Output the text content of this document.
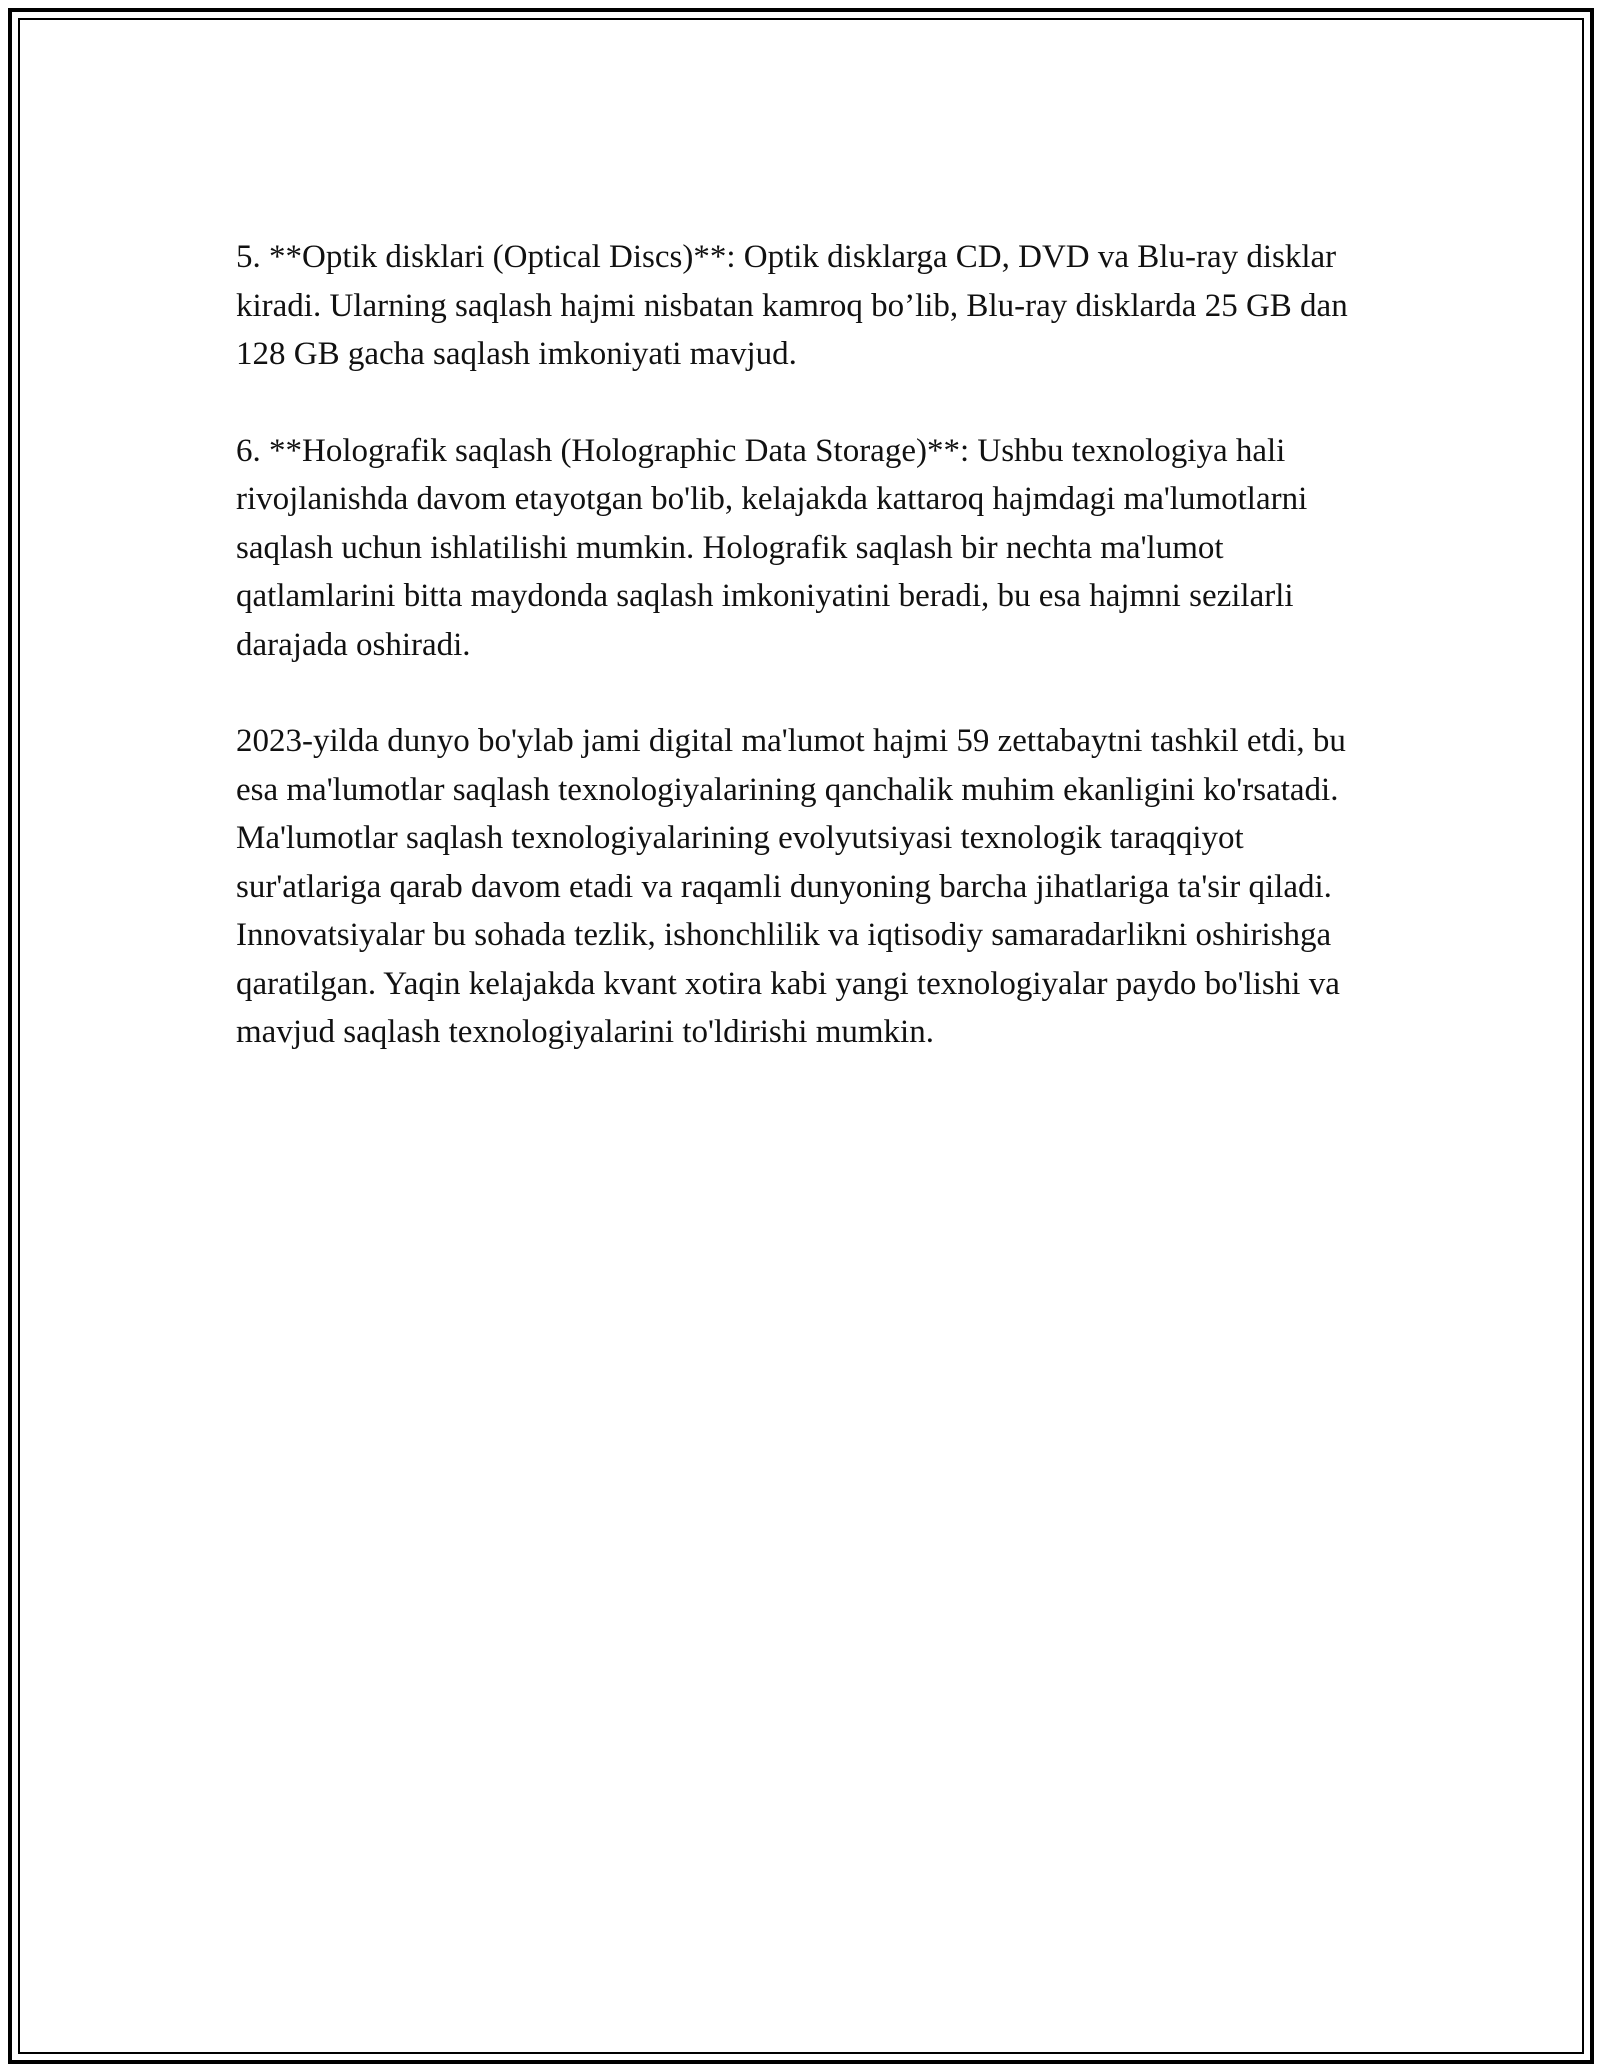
5. **Optik disklari (Optical Discs)**: Optik disklarga CD, DVD va Blu-ray disklar kiradi. Ularning saqlash hajmi nisbatan kamroq bo’lib, Blu-ray disklarda 25 GB dan 128 GB gacha saqlash imkoniyati mavjud.

6. **Holografik saqlash (Holographic Data Storage)**: Ushbu texnologiya hali rivojlanishda davom etayotgan bo'lib, kelajakda kattaroq hajmdagi ma'lumotlarni saqlash uchun ishlatilishi mumkin. Holografik saqlash bir nechta ma'lumot qatlamlarini bitta maydonda saqlash imkoniyatini beradi, bu esa hajmni sezilarli darajada oshiradi.

2023-yilda dunyo bo'ylab jami digital ma'lumot hajmi 59 zettabaytni tashkil etdi, bu esa ma'lumotlar saqlash texnologiyalarining qanchalik muhim ekanligini ko'rsatadi. Ma'lumotlar saqlash texnologiyalarining evolyutsiyasi texnologik taraqqiyot sur'atlariga qarab davom etadi va raqamli dunyoning barcha jihatlariga ta'sir qiladi. Innovatsiyalar bu sohada tezlik, ishonchlilik va iqtisodiy samaradarlikni oshirishga qaratilgan. Yaqin kelajakda kvant xotira kabi yangi texnologiyalar paydo bo'lishi va mavjud saqlash texnologiyalarini to'ldirishi mumkin.
